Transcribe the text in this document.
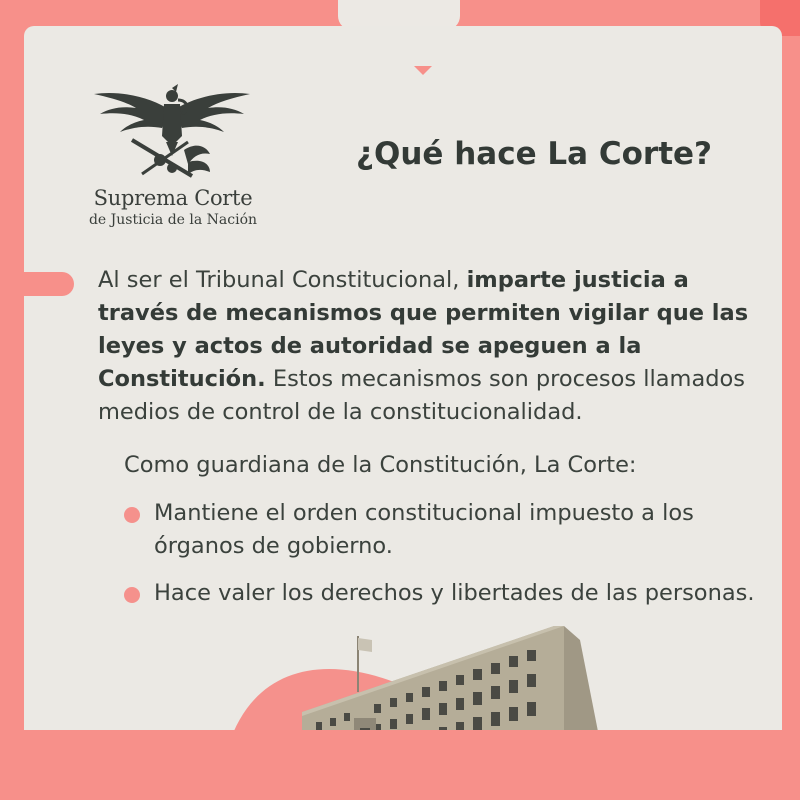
Suprema Corte
de Justicia de la Nación
¿Qué hace La Corte?
Al ser el Tribunal Constitucional, imparte justicia a través de mecanismos que permiten vigilar que las leyes y actos de autoridad se apeguen a la Constitución. Estos mecanismos son procesos llamados medios de control de la constitucionalidad.
Como guardiana de la Constitución, La Corte:
Mantiene el orden constitucional impuesto a los órganos de gobierno.
Hace valer los derechos y libertades de las personas.
